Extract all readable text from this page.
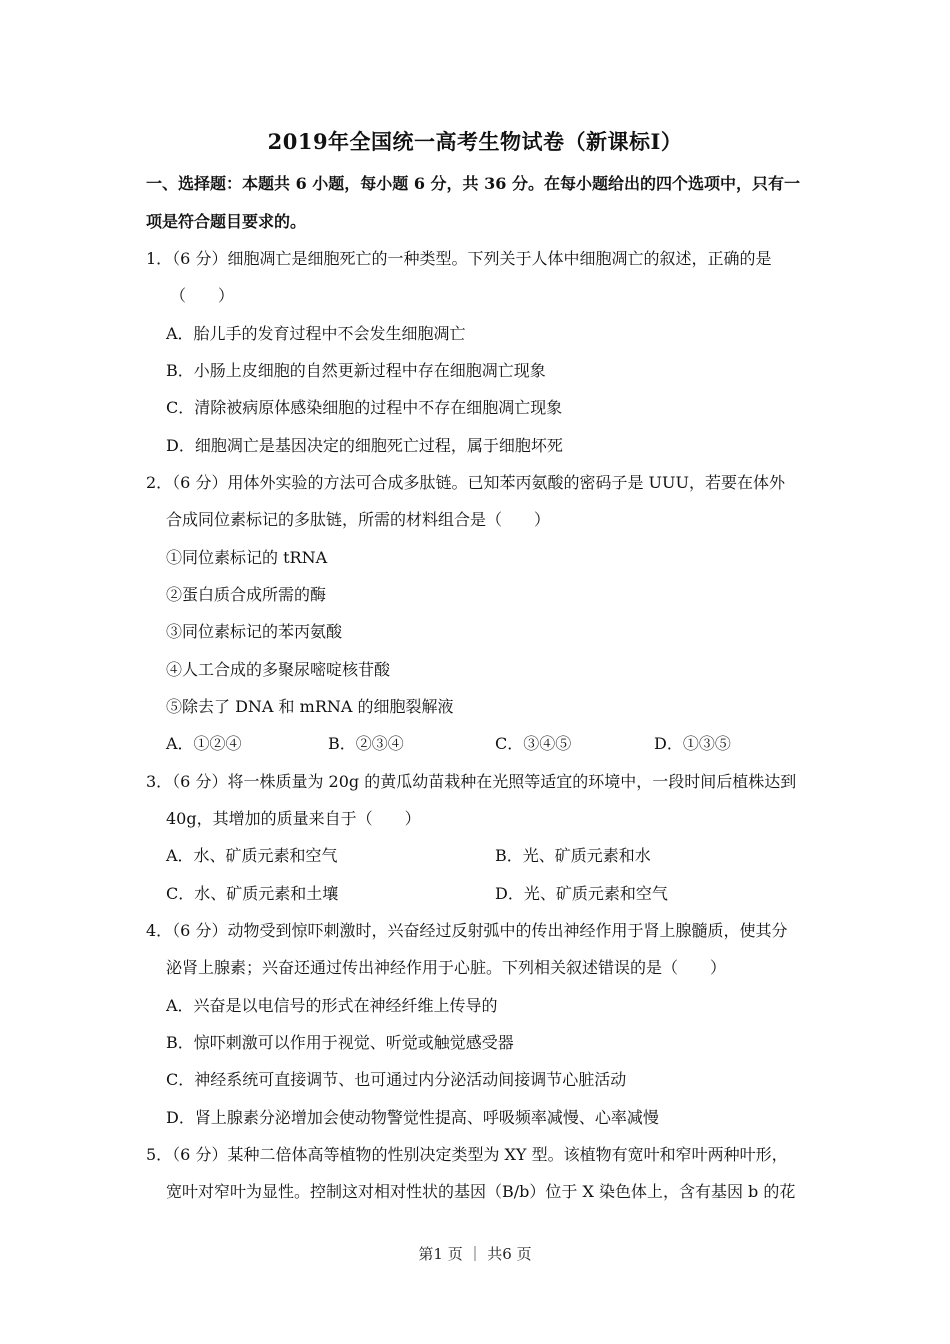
2019年全国统一高考生物试卷（新课标Ⅰ）
一、选择题：本题共 6 小题，每小题 6 分，共 36 分。在每小题给出的四个选项中，只有一
项是符合题目要求的。
1．（6 分）细胞凋亡是细胞死亡的一种类型。下列关于人体中细胞凋亡的叙述，正确的是
（　　）
A．胎儿手的发育过程中不会发生细胞凋亡
B．小肠上皮细胞的自然更新过程中存在细胞凋亡现象
C．清除被病原体感染细胞的过程中不存在细胞凋亡现象
D．细胞凋亡是基因决定的细胞死亡过程，属于细胞坏死
2．（6 分）用体外实验的方法可合成多肽链。已知苯丙氨酸的密码子是 UUU，若要在体外
合成同位素标记的多肽链，所需的材料组合是（　　）
①同位素标记的 tRNA
②蛋白质合成所需的酶
③同位素标记的苯丙氨酸
④人工合成的多聚尿嘧啶核苷酸
⑤除去了 DNA 和 mRNA 的细胞裂解液
A．①②④	B．②③④	C．③④⑤	D．①③⑤
3．（6 分）将一株质量为 20g 的黄瓜幼苗栽种在光照等适宜的环境中，一段时间后植株达到
40g，其增加的质量来自于（　　）
A．水、矿质元素和空气	B．光、矿质元素和水
C．水、矿质元素和土壤	D．光、矿质元素和空气
4．（6 分）动物受到惊吓刺激时，兴奋经过反射弧中的传出神经作用于肾上腺髓质，使其分
泌肾上腺素；兴奋还通过传出神经作用于心脏。下列相关叙述错误的是（　　）
A．兴奋是以电信号的形式在神经纤维上传导的
B．惊吓刺激可以作用于视觉、听觉或触觉感受器
C．神经系统可直接调节、也可通过内分泌活动间接调节心脏活动
D．肾上腺素分泌增加会使动物警觉性提高、呼吸频率减慢、心率减慢
5．（6 分）某种二倍体高等植物的性别决定类型为 XY 型。该植物有宽叶和窄叶两种叶形，
宽叶对窄叶为显性。控制这对相对性状的基因（B/b）位于 X 染色体上，含有基因 b 的花
第1 页 ｜ 共6 页
